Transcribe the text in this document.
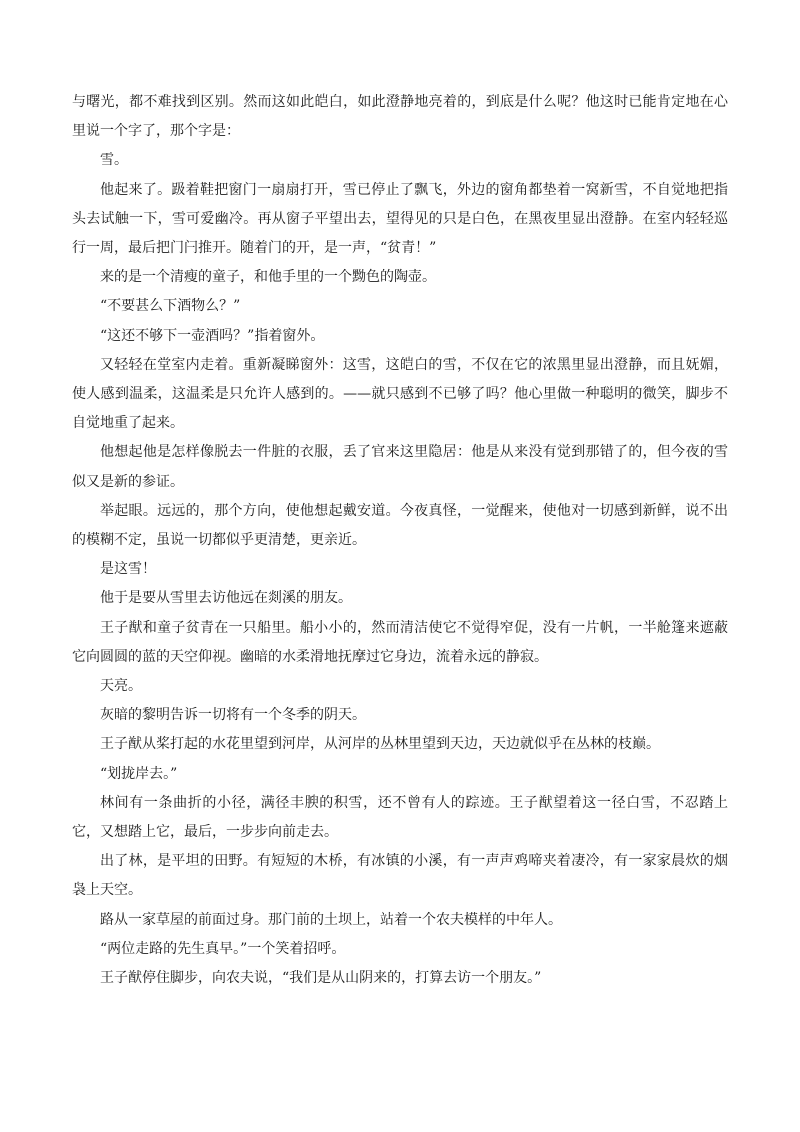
与曙光，都不难找到区别。然而这如此皑白，如此澄静地亮着的，到底是什么呢？他这时已能肯定地在心里说一个字了，那个字是：

雪。

他起来了。趿着鞋把窗门一扇扇打开，雪已停止了飘飞，外边的窗角都垫着一窝新雪，不自觉地把指头去试触一下，雪可爱幽冷。再从窗子平望出去，望得见的只是白色，在黑夜里显出澄静。在室内轻轻巡行一周，最后把门闩推开。随着门的开，是一声，“贫青！”

来的是一个清瘦的童子，和他手里的一个黝色的陶壶。

“不要甚么下酒物么？”

“这还不够下一壶酒吗？”指着窗外。

又轻轻在堂室内走着。重新凝睇窗外：这雪，这皑白的雪，不仅在它的浓黑里显出澄静，而且妩媚，使人感到温柔，这温柔是只允许人感到的。——就只感到不已够了吗？他心里做一种聪明的微笑，脚步不自觉地重了起来。

他想起他是怎样像脱去一件脏的衣服，丢了官来这里隐居：他是从来没有觉到那错了的，但今夜的雪似又是新的参证。

举起眼。远远的，那个方向，使他想起戴安道。今夜真怪，一觉醒来，使他对一切感到新鲜，说不出的模糊不定，虽说一切都似乎更清楚，更亲近。

是这雪！

他于是要从雪里去访他远在剡溪的朋友。

王子猷和童子贫青在一只船里。船小小的，然而清洁使它不觉得窄促，没有一片帆，一半舱篷来遮蔽它向圆圆的蓝的天空仰视。幽暗的水柔滑地抚摩过它身边，流着永远的静寂。

天亮。

灰暗的黎明告诉一切将有一个冬季的阴天。

王子猷从桨打起的水花里望到河岸，从河岸的丛林里望到天边，天边就似乎在丛林的枝巅。

“划拢岸去。”

林间有一条曲折的小径，满径丰腴的积雪，还不曾有人的踪迹。王子猷望着这一径白雪，不忍踏上它，又想踏上它，最后，一步步向前走去。

出了林，是平坦的田野。有短短的木桥，有冰镇的小溪，有一声声鸡啼夹着凄冷，有一家家晨炊的烟袅上天空。

路从一家草屋的前面过身。那门前的土坝上，站着一个农夫模样的中年人。

“两位走路的先生真早。”一个笑着招呼。

王子猷停住脚步，向农夫说，“我们是从山阴来的，打算去访一个朋友。”
